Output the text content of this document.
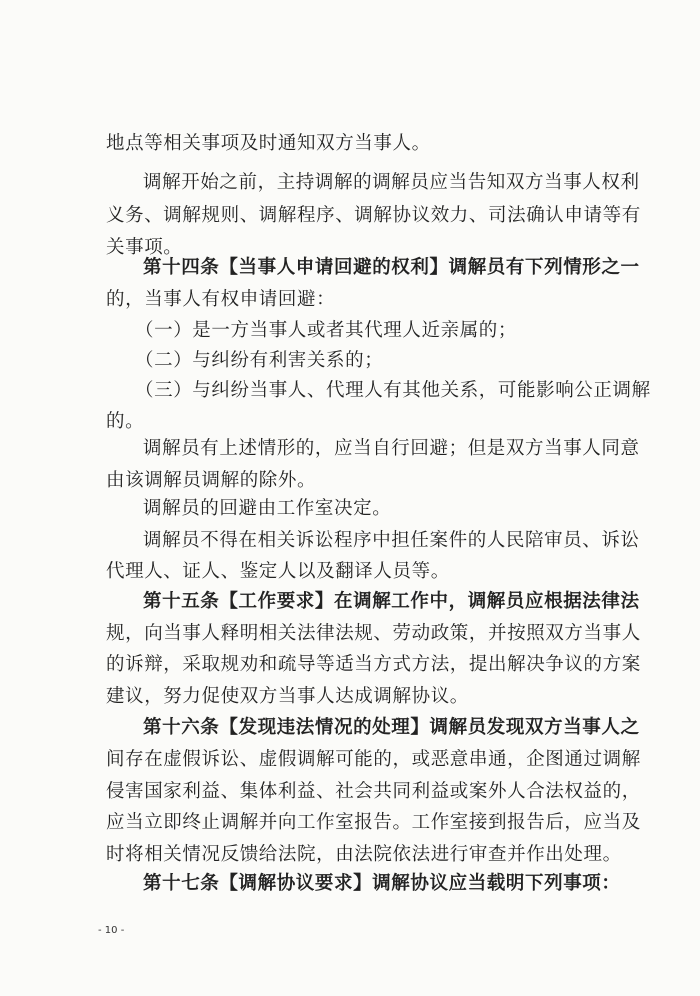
地点等相关事项及时通知双方当事人。
调解开始之前，主持调解的调解员应当告知双方当事人权利
义务、调解规则、调解程序、调解协议效力、司法确认申请等有
关事项。
第十四条【当事人申请回避的权利】调解员有下列情形之一
的，当事人有权申请回避：
（一）是一方当事人或者其代理人近亲属的；
（二）与纠纷有利害关系的；
（三）与纠纷当事人、代理人有其他关系，可能影响公正调解
的。
调解员有上述情形的，应当自行回避；但是双方当事人同意
由该调解员调解的除外。
调解员的回避由工作室决定。
调解员不得在相关诉讼程序中担任案件的人民陪审员、诉讼
代理人、证人、鉴定人以及翻译人员等。
第十五条【工作要求】在调解工作中，调解员应根据法律法
规，向当事人释明相关法律法规、劳动政策，并按照双方当事人
的诉辩，采取规劝和疏导等适当方式方法，提出解决争议的方案
建议，努力促使双方当事人达成调解协议。
第十六条【发现违法情况的处理】调解员发现双方当事人之
间存在虚假诉讼、虚假调解可能的，或恶意串通，企图通过调解
侵害国家利益、集体利益、社会共同利益或案外人合法权益的，
应当立即终止调解并向工作室报告。工作室接到报告后，应当及
时将相关情况反馈给法院，由法院依法进行审查并作出处理。
第十七条【调解协议要求】调解协议应当载明下列事项：
- 10 -
